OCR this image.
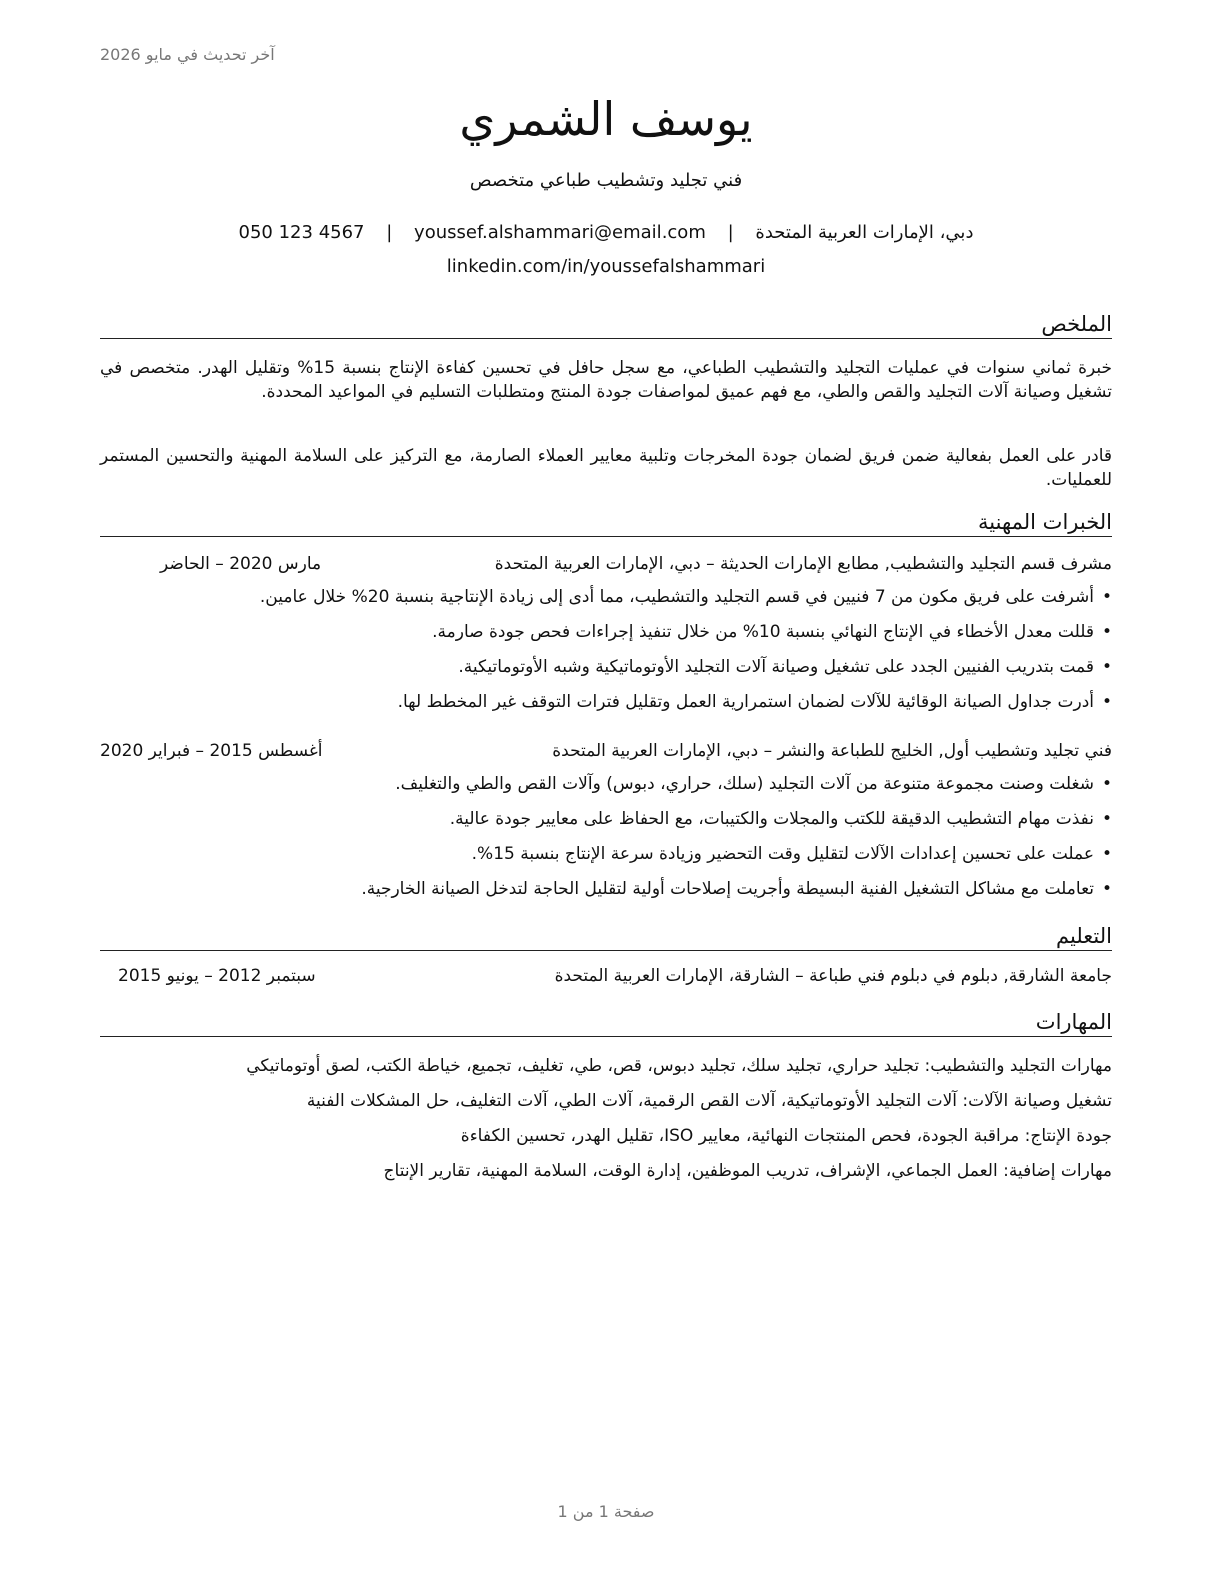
آخر تحديث في مايو 2026
يوسف الشمري
فني تجليد وتشطيب طباعي متخصص
دبي، الإمارات العربية المتحدة | youssef.alshammari@email.com | 050 123 4567
linkedin.com/in/youssefalshammari
الملخص
خبرة ثماني سنوات في عمليات التجليد والتشطيب الطباعي، مع سجل حافل في تحسين كفاءة الإنتاج بنسبة 15% وتقليل الهدر. متخصص في تشغيل وصيانة آلات التجليد والقص والطي، مع فهم عميق لمواصفات جودة المنتج ومتطلبات التسليم في المواعيد المحددة.
قادر على العمل بفعالية ضمن فريق لضمان جودة المخرجات وتلبية معايير العملاء الصارمة، مع التركيز على السلامة المهنية والتحسين المستمر للعمليات.
الخبرات المهنية
مشرف قسم التجليد والتشطيب, مطابع الإمارات الحديثة – دبي، الإمارات العربية المتحدة
مارس 2020 – الحاضر
• أشرفت على فريق مكون من 7 فنيين في قسم التجليد والتشطيب، مما أدى إلى زيادة الإنتاجية بنسبة 20% خلال عامين.
• قللت معدل الأخطاء في الإنتاج النهائي بنسبة 10% من خلال تنفيذ إجراءات فحص جودة صارمة.
• قمت بتدريب الفنيين الجدد على تشغيل وصيانة آلات التجليد الأوتوماتيكية وشبه الأوتوماتيكية.
• أدرت جداول الصيانة الوقائية للآلات لضمان استمرارية العمل وتقليل فترات التوقف غير المخطط لها.
فني تجليد وتشطيب أول, الخليج للطباعة والنشر – دبي، الإمارات العربية المتحدة
أغسطس 2015 – فبراير 2020
• شغلت وصنت مجموعة متنوعة من آلات التجليد (سلك، حراري، دبوس) وآلات القص والطي والتغليف.
• نفذت مهام التشطيب الدقيقة للكتب والمجلات والكتيبات، مع الحفاظ على معايير جودة عالية.
• عملت على تحسين إعدادات الآلات لتقليل وقت التحضير وزيادة سرعة الإنتاج بنسبة 15%.
• تعاملت مع مشاكل التشغيل الفنية البسيطة وأجريت إصلاحات أولية لتقليل الحاجة لتدخل الصيانة الخارجية.
التعليم
جامعة الشارقة, دبلوم في دبلوم فني طباعة – الشارقة، الإمارات العربية المتحدة
سبتمبر 2012 – يونيو 2015
المهارات
مهارات التجليد والتشطيب: تجليد حراري، تجليد سلك، تجليد دبوس، قص، طي، تغليف، تجميع، خياطة الكتب، لصق أوتوماتيكي
تشغيل وصيانة الآلات: آلات التجليد الأوتوماتيكية، آلات القص الرقمية، آلات الطي، آلات التغليف، حل المشكلات الفنية
جودة الإنتاج: مراقبة الجودة، فحص المنتجات النهائية، معايير ISO، تقليل الهدر، تحسين الكفاءة
مهارات إضافية: العمل الجماعي، الإشراف، تدريب الموظفين، إدارة الوقت، السلامة المهنية، تقارير الإنتاج
صفحة 1 من 1
